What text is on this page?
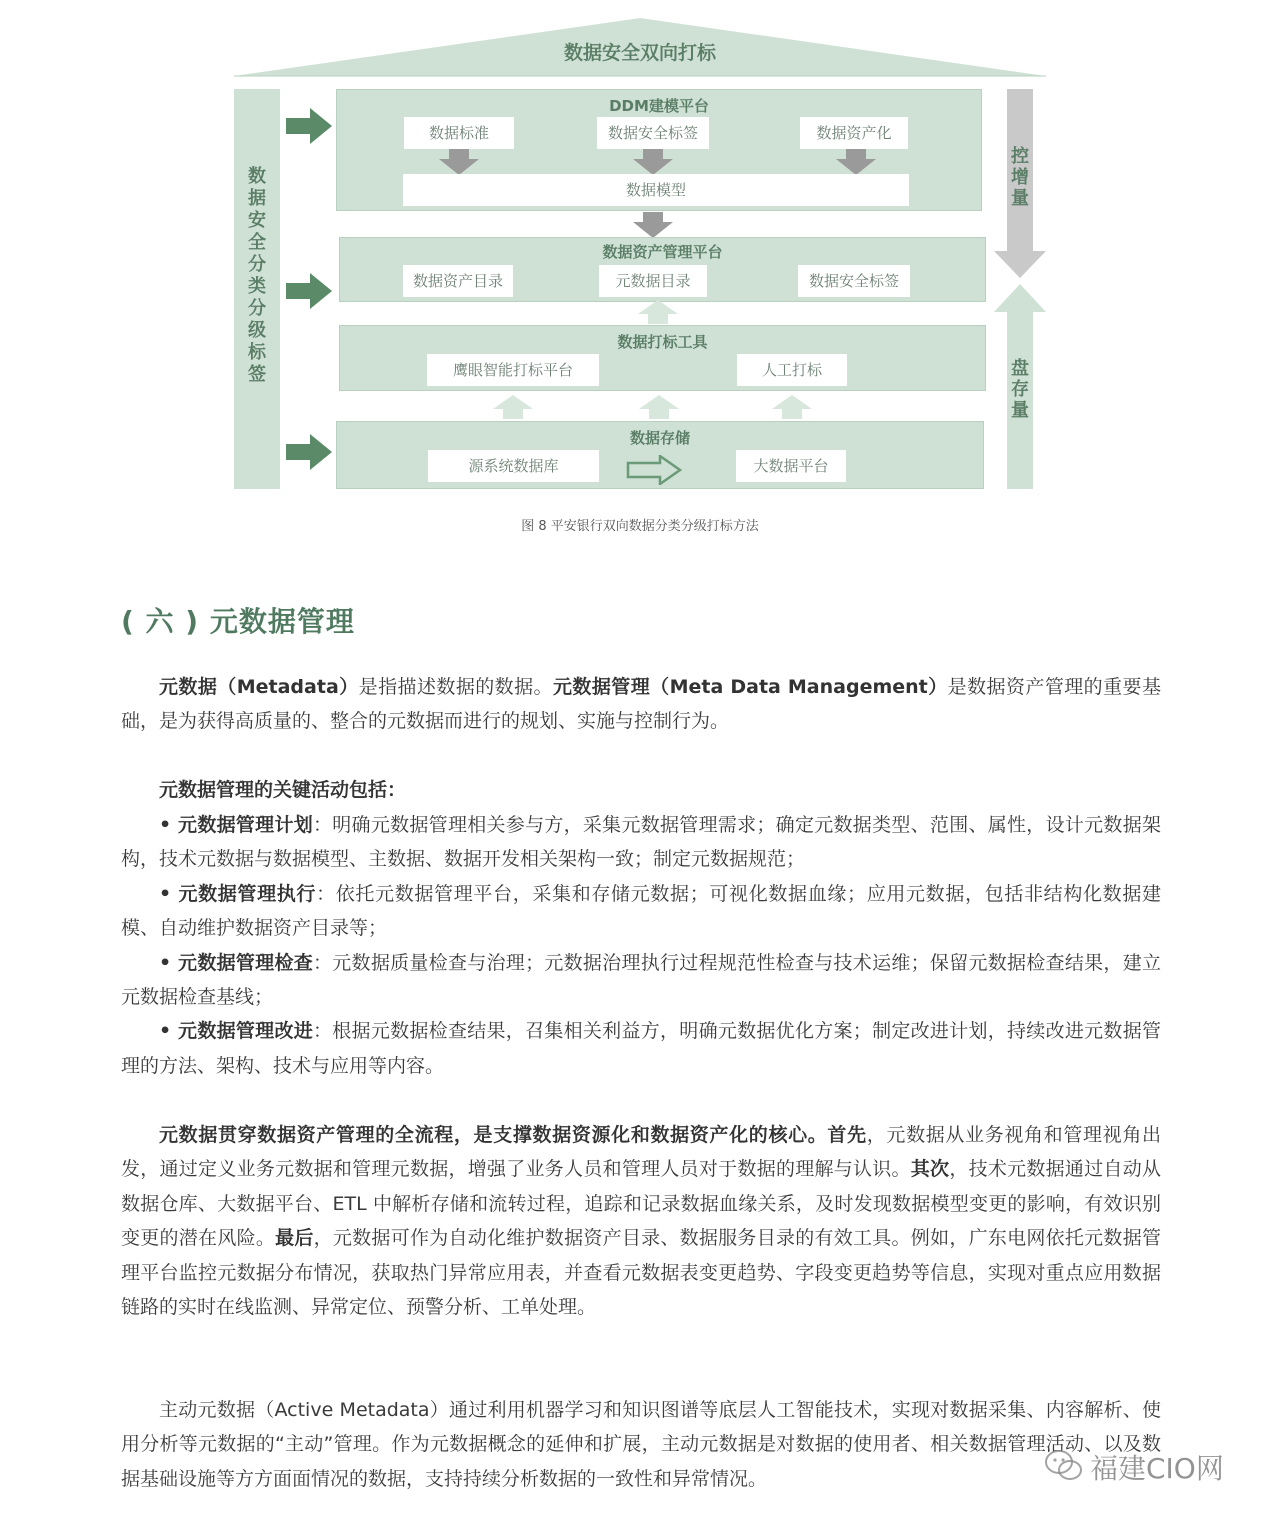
数据安全双向打标
数据安全分类分级标签
DDM建模平台
数据标准	数据安全标签	数据资产化
数据模型
数据资产管理平台
数据资产目录	元数据目录	数据安全标签
数据打标工具
鹰眼智能打标平台	人工打标
数据存储
源系统数据库	大数据平台
控增量
盘存量
图 8 平安银行双向数据分类分级打标方法
( 六 ) 元数据管理

元数据（Metadata）是指描述数据的数据。元数据管理（Meta Data Management）是数据资产管理的重要基础，是为获得高质量的、整合的元数据而进行的规划、实施与控制行为。

元数据管理的关键活动包括：

• 元数据管理计划：明确元数据管理相关参与方，采集元数据管理需求；确定元数据类型、范围、属性，设计元数据架构，技术元数据与数据模型、主数据、数据开发相关架构一致；制定元数据规范；

• 元数据管理执行：依托元数据管理平台，采集和存储元数据；可视化数据血缘；应用元数据，包括非结构化数据建模、自动维护数据资产目录等；

• 元数据管理检查：元数据质量检查与治理；元数据治理执行过程规范性检查与技术运维；保留元数据检查结果，建立元数据检查基线；

• 元数据管理改进：根据元数据检查结果，召集相关利益方，明确元数据优化方案；制定改进计划，持续改进元数据管理的方法、架构、技术与应用等内容。

元数据贯穿数据资产管理的全流程，是支撑数据资源化和数据资产化的核心。首先，元数据从业务视角和管理视角出发，通过定义业务元数据和管理元数据，增强了业务人员和管理人员对于数据的理解与认识。其次，技术元数据通过自动从数据仓库、大数据平台、ETL 中解析存储和流转过程，追踪和记录数据血缘关系，及时发现数据模型变更的影响，有效识别变更的潜在风险。最后，元数据可作为自动化维护数据资产目录、数据服务目录的有效工具。例如，广东电网依托元数据管理平台监控元数据分布情况，获取热门异常应用表，并查看元数据表变更趋势、字段变更趋势等信息，实现对重点应用数据链路的实时在线监测、异常定位、预警分析、工单处理。

主动元数据（Active Metadata）通过利用机器学习和知识图谱等底层人工智能技术，实现对数据采集、内容解析、使用分析等元数据的“主动”管理。作为元数据概念的延伸和扩展，主动元数据是对数据的使用者、相关数据管理活动、以及数据基础设施等方方面面情况的数据，支持持续分析数据的一致性和异常情况。	福建CIO网
